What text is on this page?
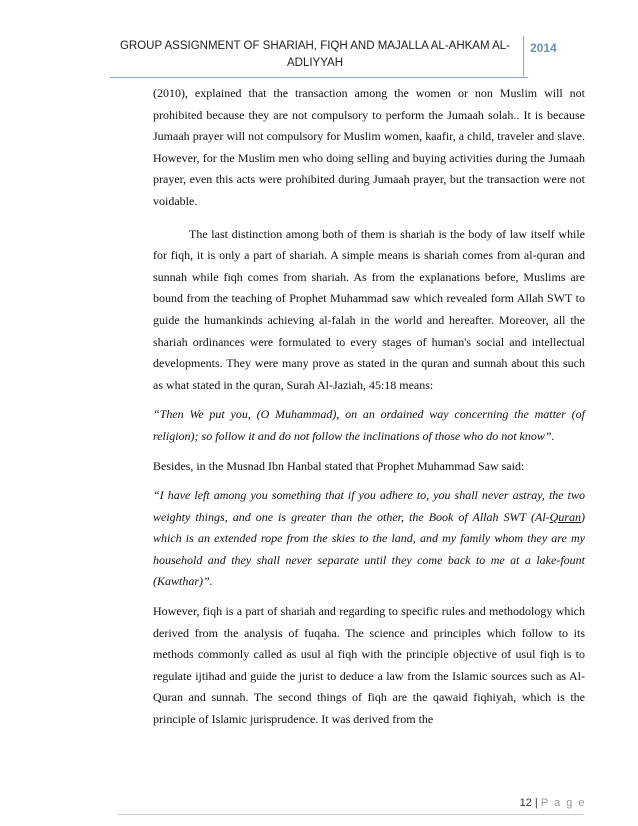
GROUP ASSIGNMENT OF SHARIAH, FIQH AND MAJALLA AL-AHKAM AL-
ADLIYYAH
2014

(2010), explained that the transaction among the women or non Muslim will not prohibited because they are not compulsory to perform the Jumaah solah.. It is because Jumaah prayer will not compulsory for Muslim women, kaafir, a child, traveler and slave. However, for the Muslim men who doing selling and buying activities during the Jumaah prayer, even this acts were prohibited during Jumaah prayer, but the transaction were not voidable.

The last distinction among both of them is shariah is the body of law itself while for fiqh, it is only a part of shariah. A simple means is shariah comes from al-quran and sunnah while fiqh comes from shariah. As from the explanations before, Muslims are bound from the teaching of Prophet Muhammad saw which revealed form Allah SWT to guide the humankinds achieving al-falah in the world and hereafter. Moreover, all the shariah ordinances were formulated to every stages of human's social and intellectual developments. They were many prove as stated in the quran and sunnah about this such as what stated in the quran, Surah Al-Jaziah, 45:18 means:

“Then We put you, (O Muhammad), on an ordained way concerning the matter (of religion); so follow it and do not follow the inclinations of those who do not know”.

Besides, in the Musnad Ibn Hanbal stated that Prophet Muhammad Saw said:

“I have left among you something that if you adhere to, you shall never astray, the two weighty things, and one is greater than the other, the Book of Allah SWT (Al-Quran) which is an extended rope from the skies to the land, and my family whom they are my household and they shall never separate until they come back to me at a lake-fount (Kawthar)”.

However, fiqh is a part of shariah and regarding to specific rules and methodology which derived from the analysis of fuqaha. The science and principles which follow to its methods commonly called as usul al fiqh with the principle objective of usul fiqh is to regulate ijtihad and guide the jurist to deduce a law from the Islamic sources such as Al- Quran and sunnah. The second things of fiqh are the qawaid fiqhiyah, which is the principle of Islamic jurisprudence. It was derived from the

12 | P a g e
